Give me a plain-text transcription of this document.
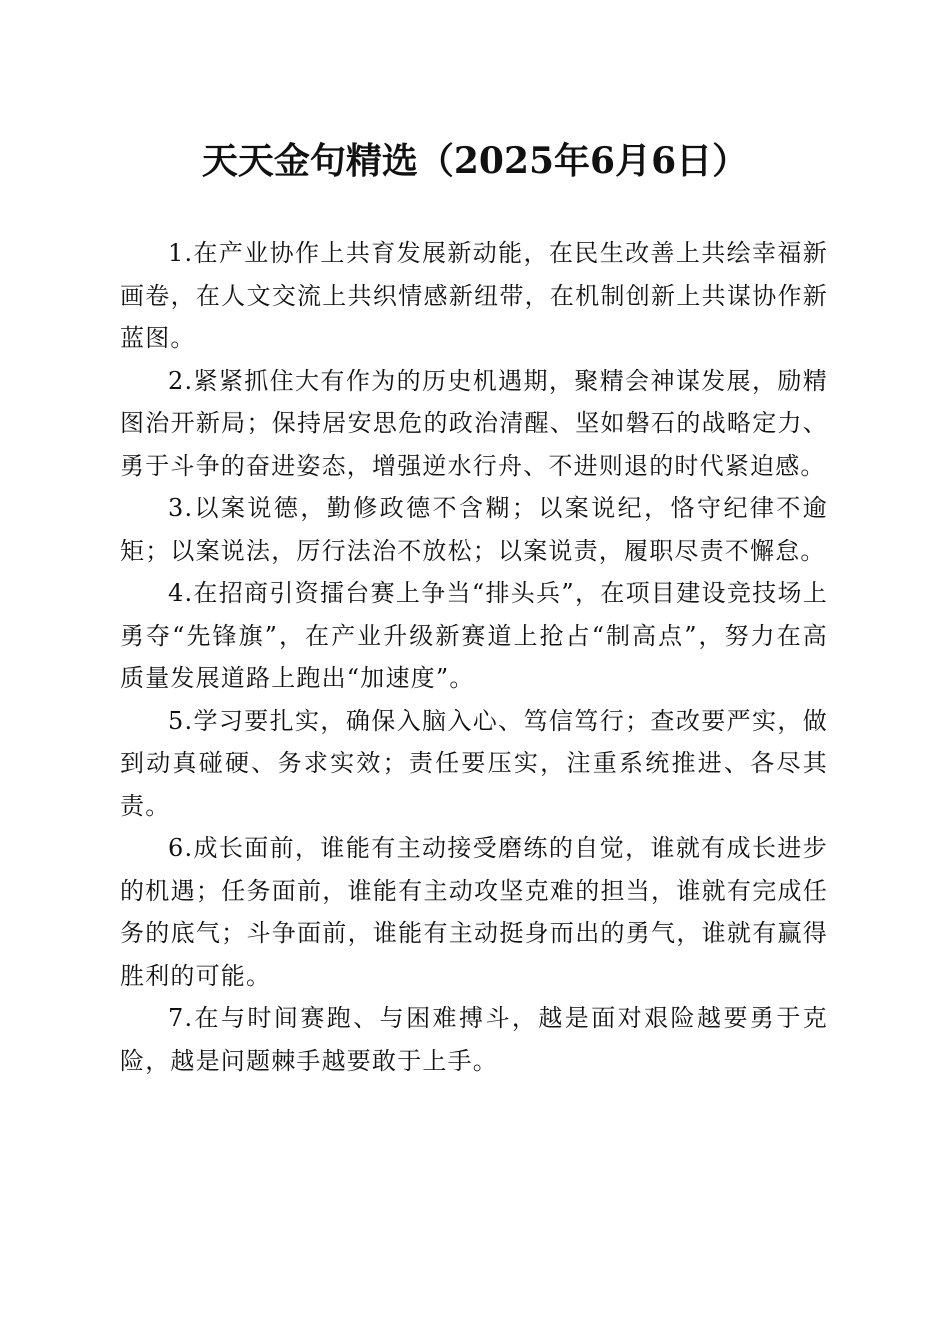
天天金句精选（2025年6月6日）

1.在产业协作上共育发展新动能，在民生改善上共绘幸福新画卷，在人文交流上共织情感新纽带，在机制创新上共谋协作新蓝图。

2.紧紧抓住大有作为的历史机遇期，聚精会神谋发展，励精图治开新局；保持居安思危的政治清醒、坚如磐石的战略定力、勇于斗争的奋进姿态，增强逆水行舟、不进则退的时代紧迫感。

3.以案说德，勤修政德不含糊；以案说纪，恪守纪律不逾矩；以案说法，厉行法治不放松；以案说责，履职尽责不懈怠。

4.在招商引资擂台赛上争当“排头兵”，在项目建设竞技场上勇夺“先锋旗”，在产业升级新赛道上抢占“制高点”，努力在高质量发展道路上跑出“加速度”。

5.学习要扎实，确保入脑入心、笃信笃行；查改要严实，做到动真碰硬、务求实效；责任要压实，注重系统推进、各尽其责。

6.成长面前，谁能有主动接受磨练的自觉，谁就有成长进步的机遇；任务面前，谁能有主动攻坚克难的担当，谁就有完成任务的底气；斗争面前，谁能有主动挺身而出的勇气，谁就有赢得胜利的可能。

7.在与时间赛跑、与困难搏斗，越是面对艰险越要勇于克险，越是问题棘手越要敢于上手。
